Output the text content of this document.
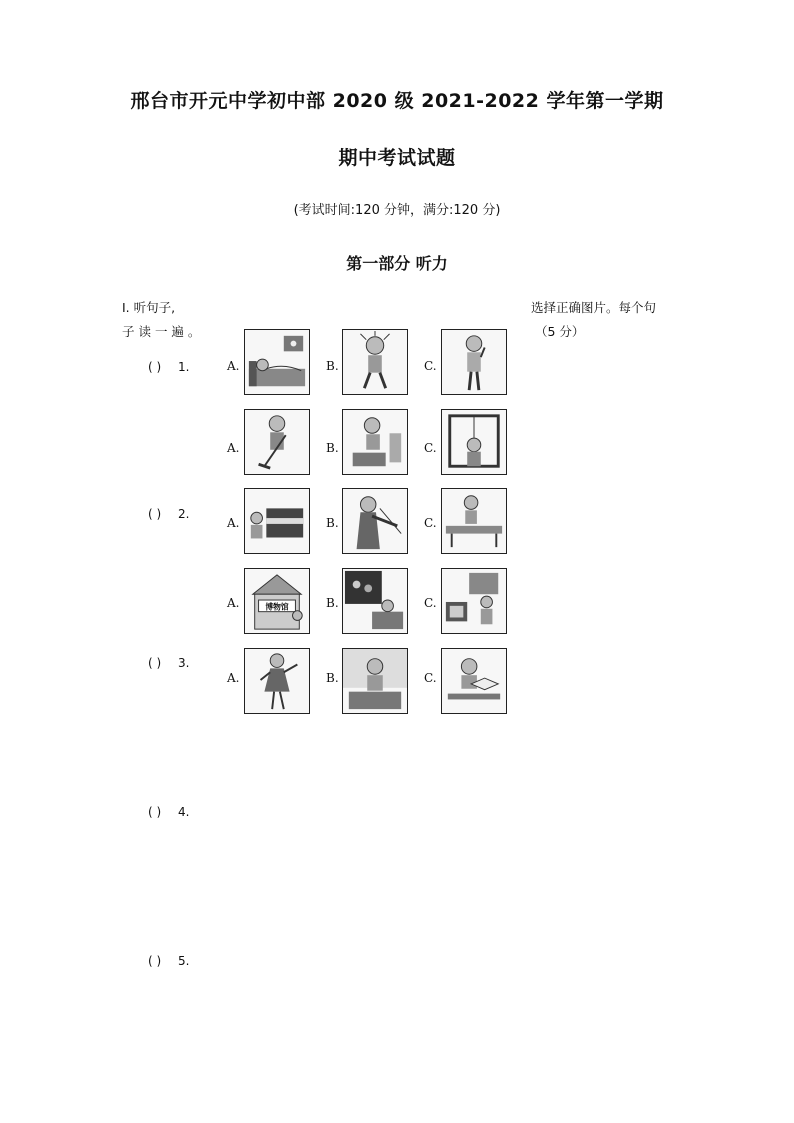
邢台市开元中学初中部 2020 级 2021-2022 学年第一学期
期中考试试题
(考试时间:120 分钟，满分:120 分)
第一部分 听力
Ⅰ. 听句子,
子 读 一 遍 。
选择正确图片。每个句
（5 分）
( ) 1.
( ) 2.
( ) 3.
( ) 4.
( ) 5.
A.	B.	C.
A.	B.	C.
A.	B.	C.
A.	博物馆	B.	C.
A.	B.	C.
